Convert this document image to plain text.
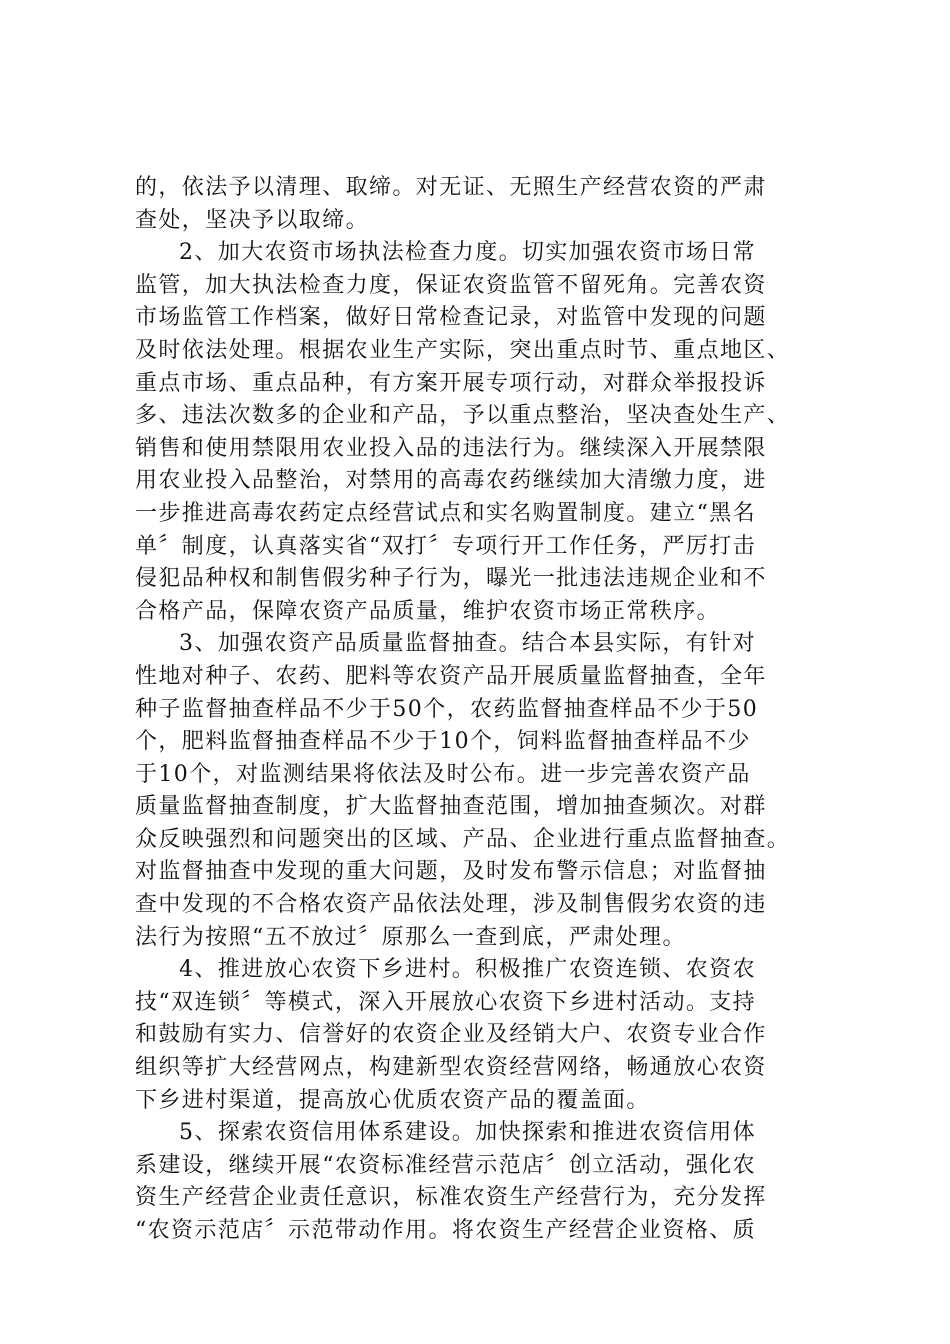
的，依法予以清理、取缔。对无证、无照生产经营农资的严肃
查处，坚决予以取缔。
2、加大农资市场执法检查力度。切实加强农资市场日常
监管，加大执法检查力度，保证农资监管不留死角。完善农资
市场监管工作档案，做好日常检查记录，对监管中发现的问题
及时依法处理。根据农业生产实际，突出重点时节、重点地区、
重点市场、重点品种，有方案开展专项行动，对群众举报投诉
多、违法次数多的企业和产品，予以重点整治，坚决查处生产、
销售和使用禁限用农业投入品的违法行为。继续深入开展禁限
用农业投入品整治，对禁用的高毒农药继续加大清缴力度，进
一步推进高毒农药定点经营试点和实名购置制度。建立“黑名
单〞制度，认真落实省“双打〞专项行开工作任务，严厉打击
侵犯品种权和制售假劣种子行为，曝光一批违法违规企业和不
合格产品，保障农资产品质量，维护农资市场正常秩序。
3、加强农资产品质量监督抽查。结合本县实际，有针对
性地对种子、农药、肥料等农资产品开展质量监督抽查，全年
种子监督抽查样品不少于50个，农药监督抽查样品不少于50
个，肥料监督抽查样品不少于10个，饲料监督抽查样品不少
于10个，对监测结果将依法及时公布。进一步完善农资产品
质量监督抽查制度，扩大监督抽查范围，增加抽查频次。对群
众反映强烈和问题突出的区域、产品、企业进行重点监督抽查。
对监督抽查中发现的重大问题，及时发布警示信息；对监督抽
查中发现的不合格农资产品依法处理，涉及制售假劣农资的违
法行为按照“五不放过〞原那么一查到底，严肃处理。
4、推进放心农资下乡进村。积极推广农资连锁、农资农
技“双连锁〞等模式，深入开展放心农资下乡进村活动。支持
和鼓励有实力、信誉好的农资企业及经销大户、农资专业合作
组织等扩大经营网点，构建新型农资经营网络，畅通放心农资
下乡进村渠道，提高放心优质农资产品的覆盖面。
5、探索农资信用体系建设。加快探索和推进农资信用体
系建设，继续开展“农资标准经营示范店〞创立活动，强化农
资生产经营企业责任意识，标准农资生产经营行为，充分发挥
“农资示范店〞示范带动作用。将农资生产经营企业资格、质
